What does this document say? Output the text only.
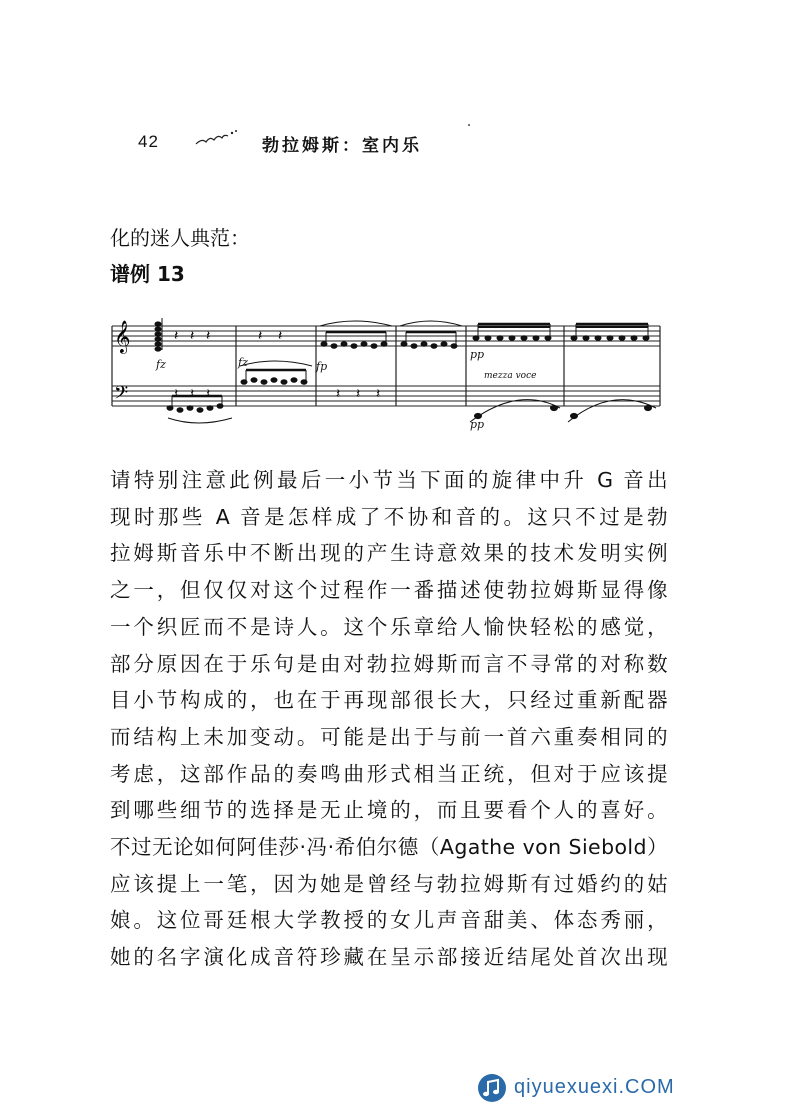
42	勃拉姆斯：室内乐
化的迷人典范：
谱例 13
𝄞
𝄢
𝄽 𝄽 𝄽	𝄽 𝄽
𝄽 𝄽 𝄽	𝄽 𝄽 𝄽
fz	fz	fp
pp
pp
mezza voce
请特别注意此例最后一小节当下面的旋律中升 G 音出
现时那些 A 音是怎样成了不协和音的。这只不过是勃
拉姆斯音乐中不断出现的产生诗意效果的技术发明实例
之一，但仅仅对这个过程作一番描述使勃拉姆斯显得像
一个织匠而不是诗人。这个乐章给人愉快轻松的感觉，
部分原因在于乐句是由对勃拉姆斯而言不寻常的对称数
目小节构成的，也在于再现部很长大，只经过重新配器
而结构上未加变动。可能是出于与前一首六重奏相同的
考虑，这部作品的奏鸣曲形式相当正统，但对于应该提
到哪些细节的选择是无止境的，而且要看个人的喜好。
不过无论如何阿佳莎·冯·希伯尔德（Agathe von Siebold）
应该提上一笔，因为她是曾经与勃拉姆斯有过婚约的姑
娘。这位哥廷根大学教授的女儿声音甜美、体态秀丽，
她的名字演化成音符珍藏在呈示部接近结尾处首次出现
qiyuexuexi.COM
